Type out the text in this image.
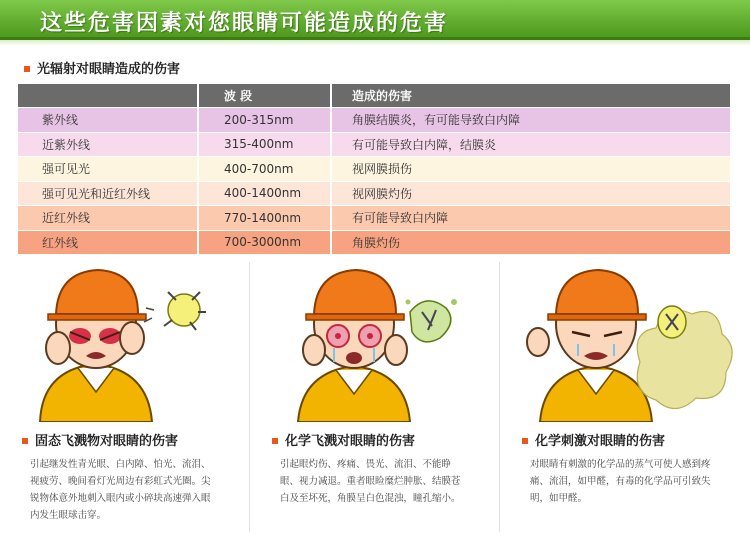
这些危害因素对您眼睛可能造成的危害
光辐射对眼睛造成的伤害
	波 段	造成的伤害
紫外线	200-315nm	角膜结膜炎，有可能导致白内障
近紫外线	315-400nm	有可能导致白内障，结膜炎
强可见光	400-700nm	视网膜损伤
强可见光和近红外线	400-1400nm	视网膜灼伤
近红外线	770-1400nm	有可能导致白内障
红外线	700-3000nm	角膜灼伤
固态飞溅物对眼睛的伤害
引起继发性青光眼、白内障、怕光、流泪、视疲劳、晚间看灯光周边有彩虹式光圈。尖锐物体意外地刺入眼内或小碎块高速弹入眼内发生眼球击穿。
化学飞溅对眼睛的伤害
引起眼灼伤、疼痛、畏光、流泪、不能睁眼、视力减退。重者眼睑糜烂肿胀、结膜苍白及至坏死，角膜呈白色混浊，瞳孔缩小。
化学刺激对眼睛的伤害
对眼睛有刺激的化学品的蒸气可使人感到疼痛、流泪，如甲醛，有毒的化学品可引致失明，如甲醛。
